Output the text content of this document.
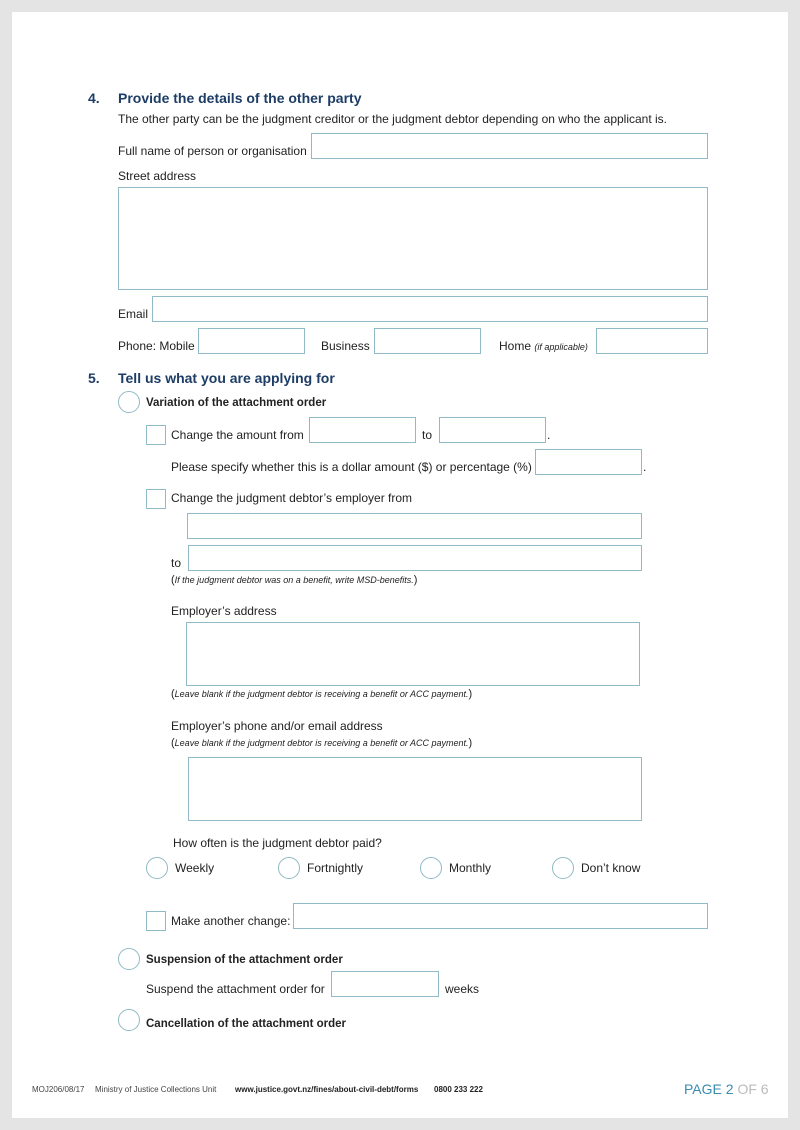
4. Provide the details of the other party
The other party can be the judgment creditor or the judgment debtor depending on who the applicant is.
Full name of person or organisation
Street address
Email
Phone: Mobile	Business	Home (if applicable)
5. Tell us what you are applying for
Variation of the attachment order
Change the amount from	to	.
Please specify whether this is a dollar amount ($) or percentage (%)	.
Change the judgment debtor’s employer from
to
(If the judgment debtor was on a benefit, write MSD-benefits.)
Employer’s address
(Leave blank if the judgment debtor is receiving a benefit or ACC payment.)
Employer’s phone and/or email address
(Leave blank if the judgment debtor is receiving a benefit or ACC payment.)
How often is the judgment debtor paid?
Weekly	Fortnightly	Monthly	Don’t know
Make another change:
Suspension of the attachment order
Suspend the attachment order for	weeks
Cancellation of the attachment order
MOJ206/08/17 Ministry of Justice Collections Unit www.justice.govt.nz/fines/about-civil-debt/forms 0800 233 222	PAGE 2 OF 6
